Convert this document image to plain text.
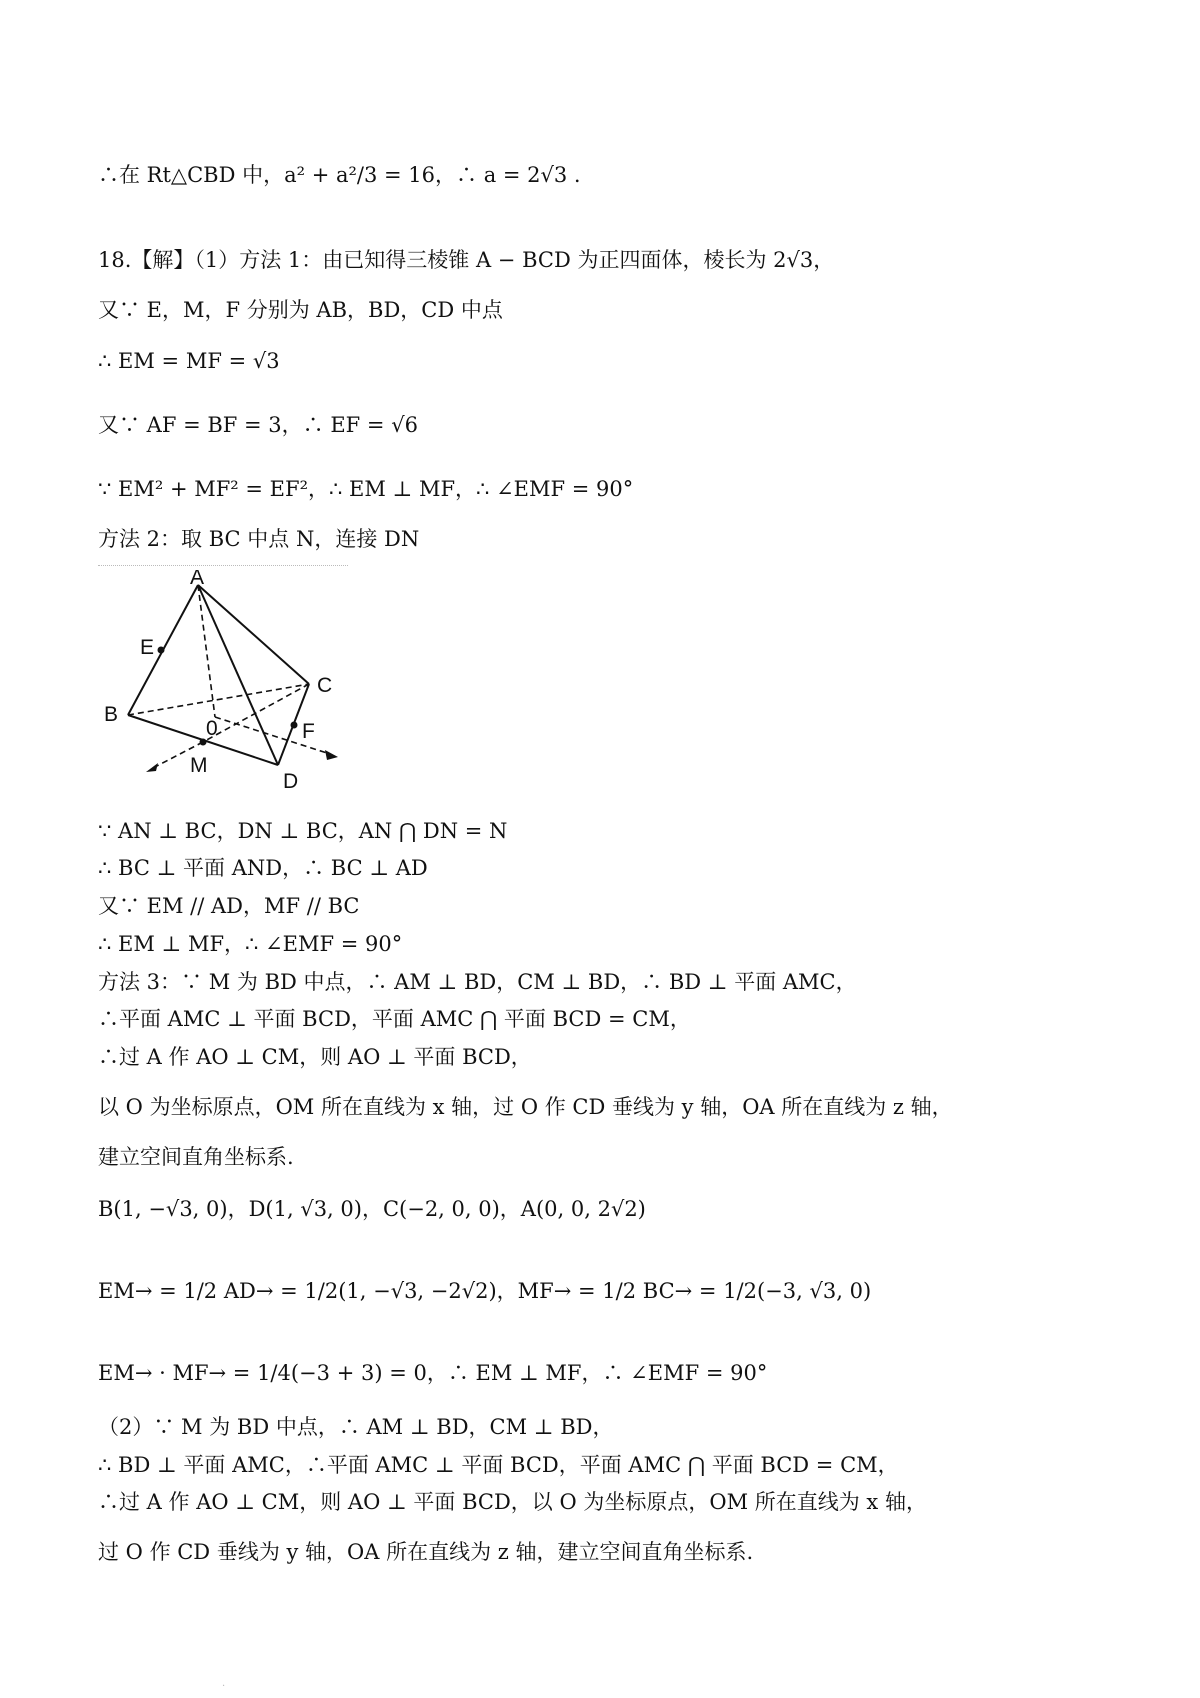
∴在 Rt△CBD 中，a² + a²/3 = 16，∴ a = 2√3 .
18.【解】（1）方法 1：由已知得三棱锥 A − BCD 为正四面体，棱长为 2√3，
又∵ E，M，F 分别为 AB，BD，CD 中点
∴ EM = MF = √3
又∵ AF = BF = 3，∴ EF = √6
∵ EM² + MF² = EF²，∴ EM ⊥ MF，∴ ∠EMF = 90°
方法 2：取 BC 中点 N，连接 DN
A
B
C
D
E
F
M
0
∵ AN ⊥ BC，DN ⊥ BC，AN ⋂ DN = N
∴ BC ⊥ 平面 AND，∴ BC ⊥ AD
又∵ EM // AD，MF // BC
∴ EM ⊥ MF，∴ ∠EMF = 90°
方法 3：∵ M 为 BD 中点，∴ AM ⊥ BD，CM ⊥ BD，∴ BD ⊥ 平面 AMC，
∴平面 AMC ⊥ 平面 BCD，平面 AMC ⋂ 平面 BCD = CM，
∴过 A 作 AO ⊥ CM，则 AO ⊥ 平面 BCD，
以 O 为坐标原点，OM 所在直线为 x 轴，过 O 作 CD 垂线为 y 轴，OA 所在直线为 z 轴，
建立空间直角坐标系.
B(1, −√3, 0)，D(1, √3, 0)，C(−2, 0, 0)，A(0, 0, 2√2)
EM→ = 1/2 AD→ = 1/2(1, −√3, −2√2)，MF→ = 1/2 BC→ = 1/2(−3, √3, 0)
EM→ · MF→ = 1/4(−3 + 3) = 0，∴ EM ⊥ MF，∴ ∠EMF = 90°
（2）∵ M 为 BD 中点，∴ AM ⊥ BD，CM ⊥ BD，
∴ BD ⊥ 平面 AMC，∴平面 AMC ⊥ 平面 BCD，平面 AMC ⋂ 平面 BCD = CM，
∴过 A 作 AO ⊥ CM，则 AO ⊥ 平面 BCD，以 O 为坐标原点，OM 所在直线为 x 轴，
过 O 作 CD 垂线为 y 轴，OA 所在直线为 z 轴，建立空间直角坐标系.
·
